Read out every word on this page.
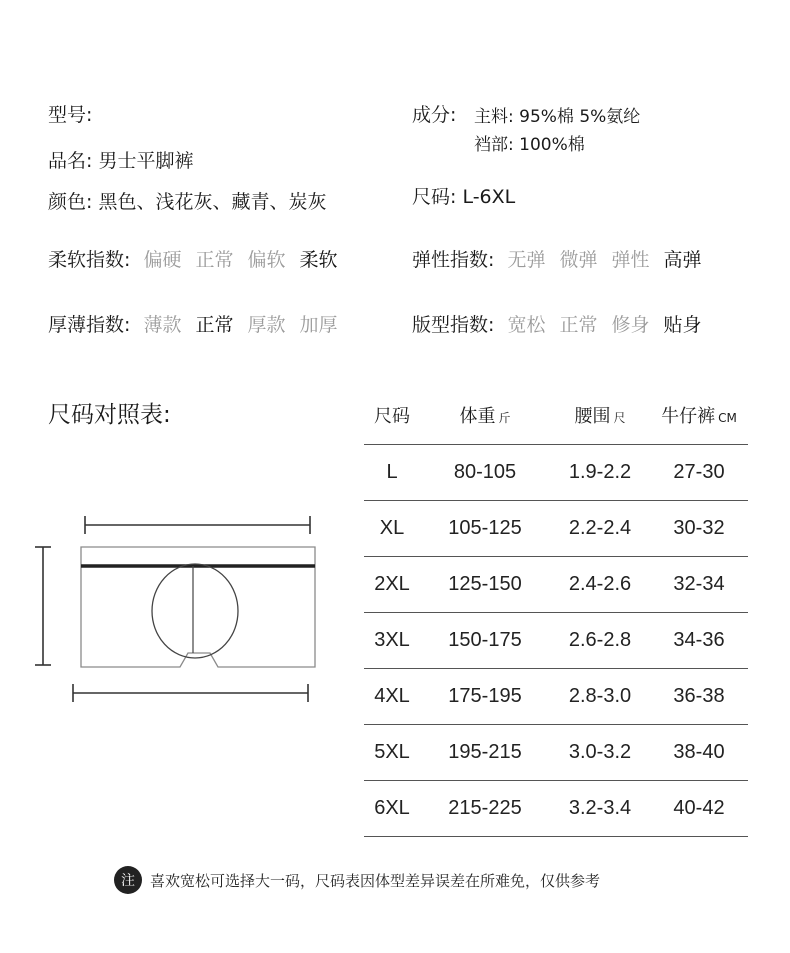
型号:
品名: 男士平脚裤
颜色: 黑色、浅花灰、藏青、炭灰
成分: 主料: 95%棉 5%氨纶
裆部: 100%棉
尺码: L-6XL
柔软指数: 偏硬 正常 偏软 柔软	弹性指数: 无弹 微弹 弹性 高弹
厚薄指数: 薄款 正常 厚款 加厚	版型指数: 宽松 正常 修身 贴身
尺码对照表:	尺码	体重 斤	腰围 尺	牛仔裤 CM
L	80-105	1.9-2.2	27-30
XL	105-125	2.2-2.4	30-32
2XL	125-150	2.4-2.6	32-34
3XL	150-175	2.6-2.8	34-36
4XL	175-195	2.8-3.0	36-38
5XL	195-215	3.0-3.2	38-40
6XL	215-225	3.2-3.4	40-42
注	喜欢宽松可选择大一码，尺码表因体型差异误差在所难免，仅供参考
